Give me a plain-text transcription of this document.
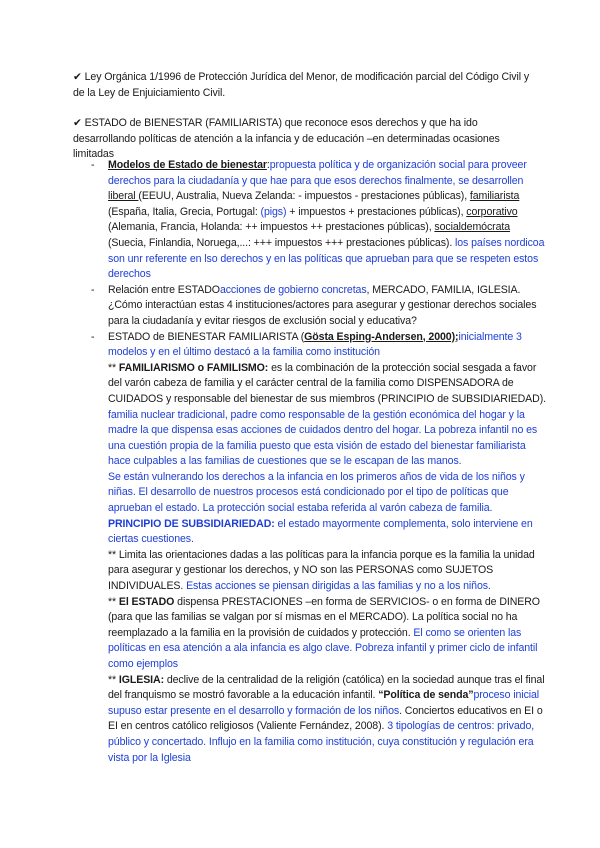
✔ Ley Orgánica 1/1996 de Protección Jurídica del Menor, de modificación parcial del Código Civil y de la Ley de Enjuiciamiento Civil.
✔ ESTADO de BIENESTAR (FAMILIARISTA) que reconoce esos derechos y que ha ido desarrollando políticas de atención a la infancia y de educación –en determinadas ocasiones limitadas
- Modelos de Estado de bienestar:propuesta política y de organización social para proveer derechos para la ciudadanía y que hae para que esos derechos finalmente, se desarrollen liberal (EEUU, Australia, Nueva Zelanda: - impuestos - prestaciones públicas), familiarista (España, Italia, Grecia, Portugal: (pigs) + impuestos + prestaciones públicas), corporativo (Alemania, Francia, Holanda: ++ impuestos ++ prestaciones públicas), socialdemócrata (Suecia, Finlandia, Noruega,...: +++ impuestos +++ prestaciones públicas). los países nordicoa son unr referente en lso derechos y en las políticas que aprueban para que se respeten estos derechos
- Relación entre ESTADOacciones de gobierno concretas, MERCADO, FAMILIA, IGLESIA. ¿Cómo interactúan estas 4 instituciones/actores para asegurar y gestionar derechos sociales para la ciudadanía y evitar riesgos de exclusión social y educativa?
- ESTADO de BIENESTAR FAMILIARISTA (Gösta Esping-Andersen, 2000);inicialmente 3 modelos y en el último destacó a la familia como institución
** FAMILIARISMO o FAMILISMO: es la combinación de la protección social sesgada a favor del varón cabeza de familia y el carácter central de la familia como DISPENSADORA de CUIDADOS y responsable del bienestar de sus miembros (PRINCIPIO de SUBSIDIARIEDAD). familia nuclear tradicional, padre como responsable de la gestión económica del hogar y la madre la que dispensa esas acciones de cuidados dentro del hogar. La pobreza infantil no es una cuestión propia de la familia puesto que esta visión de estado del bienestar familiarista hace culpables a las familias de cuestiones que se le escapan de las manos.
Se están vulnerando los derechos a la infancia en los primeros años de vida de los niños y niñas. El desarrollo de nuestros procesos está condicionado por el tipo de políticas que aprueban el estado. La protección social estaba referida al varón cabeza de familia. PRINCIPIO DE SUBSIDIARIEDAD: el estado mayormente complementa, solo interviene en ciertas cuestiones.
** Limita las orientaciones dadas a las políticas para la infancia porque es la familia la unidad para asegurar y gestionar los derechos, y NO son las PERSONAS como SUJETOS INDIVIDUALES. Estas acciones se piensan dirigidas a las familias y no a los niños.
** El ESTADO dispensa PRESTACIONES –en forma de SERVICIOS- o en forma de DINERO (para que las familias se valgan por sí mismas en el MERCADO). La política social no ha reemplazado a la familia en la provisión de cuidados y protección. El como se orienten las políticas en esa atención a ala infancia es algo clave. Pobreza infantil y primer ciclo de infantil como ejemplos
** IGLESIA: declive de la centralidad de la religión (católica) en la sociedad aunque tras el final del franquismo se mostró favorable a la educación infantil. “Política de senda”proceso inicial supuso estar presente en el desarrollo y formación de los niños. Conciertos educativos en EI o EI en centros católico religiosos (Valiente Fernández, 2008). 3 tipologías de centros: privado, público y concertado. Influjo en la familia como institución, cuya constitución y regulación era vista por la Iglesia
